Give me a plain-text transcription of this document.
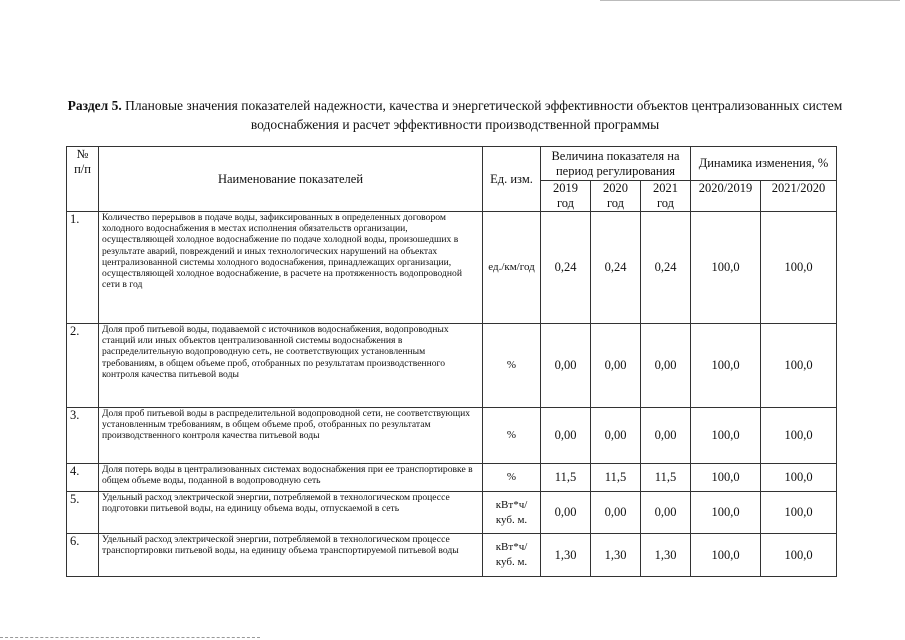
Раздел 5. Плановые значения показателей надежности, качества и энергетической эффективности объектов централизованных систем водоснабжения и расчет эффективности производственной программы
№ п/п	Наименование показателей	Ед. изм.	Величина показателя на период регулирования			Динамика изменения, %	
			2019 год	2020 год	2021 год	2020/2019	2021/2020
1.	Количество перерывов в подаче воды, зафиксированных в определенных договором холодного водоснабжения в местах исполнения обязательств организации, осуществляющей холодное водоснабжение по подаче холодной воды, произошедших в результате аварий, повреждений и иных технологических нарушений на объектах централизованной системы холодного водоснабжения, принадлежащих организации, осуществляющей холодное водоснабжение, в расчете на протяженность водопроводной сети в год	ед./км/год	0,24	0,24	0,24	100,0	100,0
2.	Доля проб питьевой воды, подаваемой с источников водоснабжения, водопроводных станций или иных объектов централизованной системы водоснабжения в распределительную водопроводную сеть, не соответствующих установленным требованиям, в общем объеме проб, отобранных по результатам производственного контроля качества питьевой воды	%	0,00	0,00	0,00	100,0	100,0
3.	Доля проб питьевой воды в распределительной водопроводной сети, не соответствующих установленным требованиям, в общем объеме проб, отобранных по результатам производственного контроля качества питьевой воды	%	0,00	0,00	0,00	100,0	100,0
4.	Доля потерь воды в централизованных системах водоснабжения при ее транспортировке в общем объеме воды, поданной в водопроводную сеть	%	11,5	11,5	11,5	100,0	100,0
5.	Удельный расход электрической энергии, потребляемой в технологическом процессе подготовки питьевой воды, на единицу объема воды, отпускаемой в сеть	кВт*ч/ куб. м.	0,00	0,00	0,00	100,0	100,0
6.	Удельный расход электрической энергии, потребляемой в технологическом процессе транспортировки питьевой воды, на единицу объема транспортируемой питьевой воды	кВт*ч/ куб. м.	1,30	1,30	1,30	100,0	100,0
